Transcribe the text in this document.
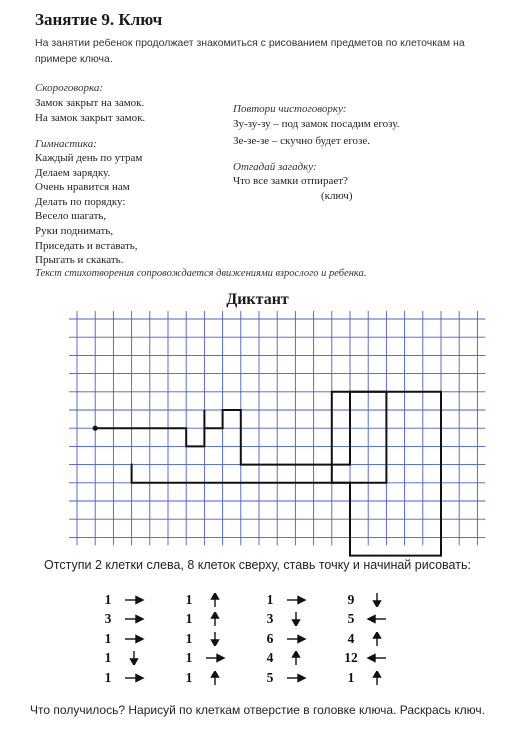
Занятие 9. Ключ
На занятии ребенок продолжает знакомиться с рисованием предметов по клеточкам на примере ключа.
Скороговорка:
Замок закрыт на замок.
На замок закрыт замок.
Гимнастика:
Каждый день по утрам
Делаем зарядку.
Очень нравится нам
Делать по порядку:
Весело шагать,
Руки поднимать,
Приседать и вставать,
Прыгать и скакать.
Повтори чистоговорку:
Зу-зу-зу – под замок посадим егозу.
Зе-зе-зе – скучно будет егозе.
Отгадай загадку:
Что все замки отпирает?
(ключ)
Текст стихотворения сопровождается движениями взрослого и ребенка.
Диктант
Отступи 2 клетки слева, 8 клеток сверху, ставь точку и начинай рисовать:
1
3
1
1
1
1
1
1
1
1
1
3
6
4
5
9
5
4
12
1
Что получилось? Нарисуй по клеткам отверстие в головке ключа. Раскрась ключ.
